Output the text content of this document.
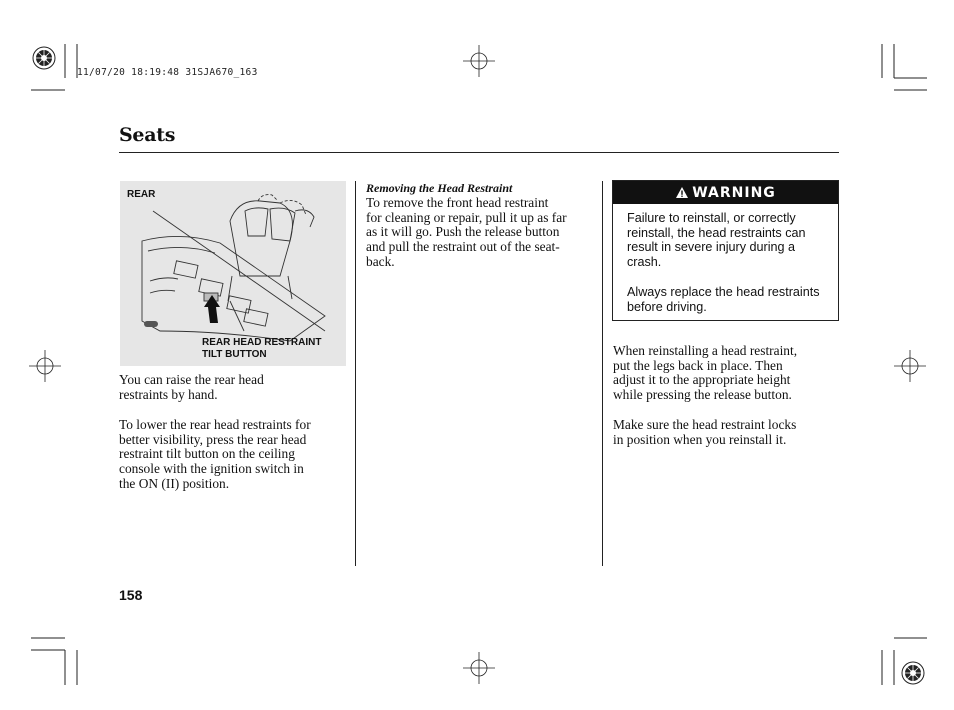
11/07/20 18:19:48 31SJA670_163
Seats
REAR
REAR HEAD RESTRAINT
TILT BUTTON
You can raise the rear head
restraints by hand.
To lower the rear head restraints for
better visibility, press the rear head
restraint tilt button on the ceiling
console with the ignition switch in
the ON (II) position.
Removing the Head Restraint
To remove the front head restraint
for cleaning or repair, pull it up as far
as it will go. Push the release button
and pull the restraint out of the seat-
back.
WARNING

Failure to reinstall, or correctly reinstall, the head restraints can result in severe injury during a crash.

Always replace the head restraints before driving.

When reinstalling a head restraint,
put the legs back in place. Then
adjust it to the appropriate height
while pressing the release button.
Make sure the head restraint locks
in position when you reinstall it.
158
